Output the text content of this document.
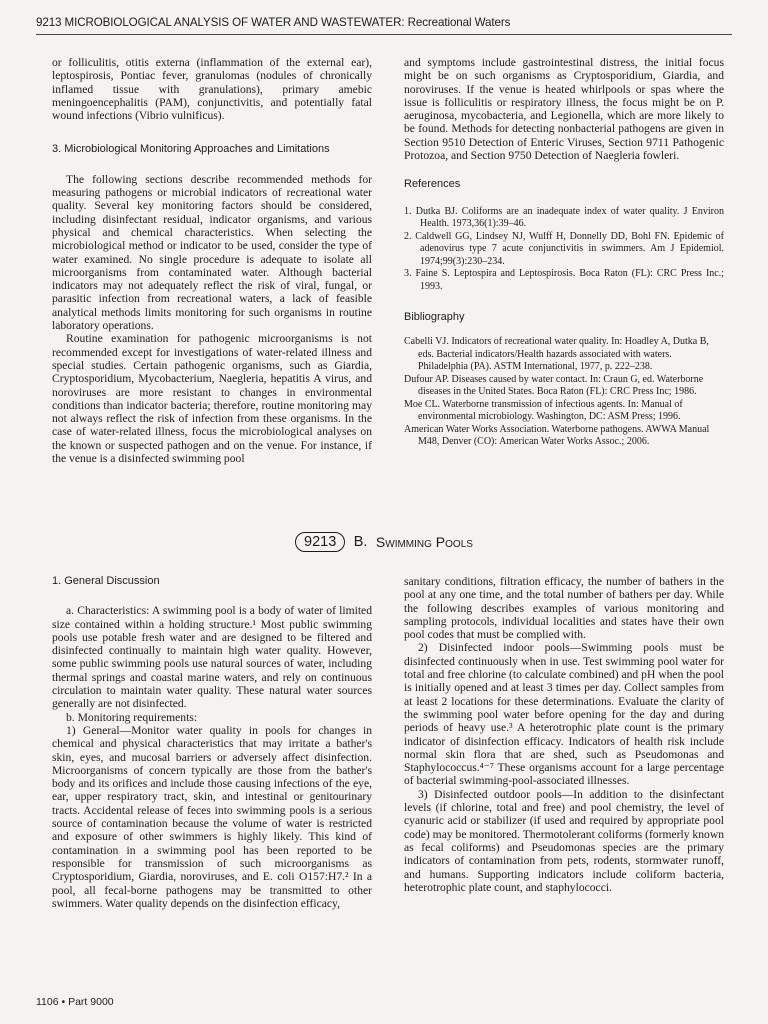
9213 MICROBIOLOGICAL ANALYSIS OF WATER AND WASTEWATER: Recreational Waters

or folliculitis, otitis externa (inflammation of the external ear), leptospirosis, Pontiac fever, granulomas (nodules of chronically inflamed tissue with granulations), primary amebic meningoencephalitis (PAM), conjunctivitis, and potentially fatal wound infections (Vibrio vulnificus).

3. Microbiological Monitoring Approaches and Limitations

The following sections describe recommended methods for measuring pathogens or microbial indicators of recreational water quality. Several key monitoring factors should be considered, including disinfectant residual, indicator organisms, and various physical and chemical characteristics. When selecting the microbiological method or indicator to be used, consider the type of water examined. No single procedure is adequate to isolate all microorganisms from contaminated water. Although bacterial indicators may not adequately reflect the risk of viral, fungal, or parasitic infection from recreational waters, a lack of feasible analytical methods limits monitoring for such organisms in routine laboratory operations.

Routine examination for pathogenic microorganisms is not recommended except for investigations of water-related illness and special studies. Certain pathogenic organisms, such as Giardia, Cryptosporidium, Mycobacterium, Naegleria, hepatitis A virus, and noroviruses are more resistant to changes in environmental conditions than indicator bacteria; therefore, routine monitoring may not always reflect the risk of infection from these organisms. In the case of water-related illness, focus the microbiological analyses on the known or suspected pathogen and on the venue. For instance, if the venue is a disinfected swimming pool

and symptoms include gastrointestinal distress, the initial focus might be on such organisms as Cryptosporidium, Giardia, and noroviruses. If the venue is heated whirlpools or spas where the issue is folliculitis or respiratory illness, the focus might be on P. aeruginosa, mycobacteria, and Legionella, which are more likely to be found. Methods for detecting nonbacterial pathogens are given in Section 9510 Detection of Enteric Viruses, Section 9711 Pathogenic Protozoa, and Section 9750 Detection of Naegleria fowleri.

References

1. Dutka BJ. Coliforms are an inadequate index of water quality. J Environ Health. 1973,36(1):39–46.
2. Caldwell GG, Lindsey NJ, Wulff H, Donnelly DD, Bohl FN. Epidemic of adenovirus type 7 acute conjunctivitis in swimmers. Am J Epidemiol. 1974;99(3):230–234.
3. Faine S. Leptospira and Leptospirosis. Boca Raton (FL): CRC Press Inc.; 1993.

Bibliography

Cabelli VJ. Indicators of recreational water quality. In: Hoadley A, Dutka B, eds. Bacterial indicators/Health hazards associated with waters. Philadelphia (PA). ASTM International, 1977, p. 222–238.

Dufour AP. Diseases caused by water contact. In: Craun G, ed. Waterborne diseases in the United States. Boca Raton (FL): CRC Press Inc; 1986.

Moe CL. Waterborne transmission of infectious agents. In: Manual of environmental microbiology. Washington, DC: ASM Press; 1996.

American Water Works Association. Waterborne pathogens. AWWA Manual M48, Denver (CO): American Water Works Assoc.; 2006.

9213 B. Swimming Pools

1. General Discussion

a. Characteristics: A swimming pool is a body of water of limited size contained within a holding structure.¹ Most public swimming pools use potable fresh water and are designed to be filtered and disinfected continually to maintain high water quality. However, some public swimming pools use natural sources of water, including thermal springs and coastal marine waters, and rely on continuous circulation to maintain water quality. These natural water sources generally are not disinfected.

b. Monitoring requirements:

1) General—Monitor water quality in pools for changes in chemical and physical characteristics that may irritate a bather's skin, eyes, and mucosal barriers or adversely affect disinfection. Microorganisms of concern typically are those from the bather's body and its orifices and include those causing infections of the eye, ear, upper respiratory tract, skin, and intestinal or genitourinary tracts. Accidental release of feces into swimming pools is a serious source of contamination because the volume of water is restricted and exposure of other swimmers is highly likely. This kind of contamination in a swimming pool has been reported to be responsible for transmission of such microorganisms as Cryptosporidium, Giardia, noroviruses, and E. coli O157:H7.² In a pool, all fecal-borne pathogens may be transmitted to other swimmers. Water quality depends on the disinfection efficacy,

sanitary conditions, filtration efficacy, the number of bathers in the pool at any one time, and the total number of bathers per day. While the following describes examples of various monitoring and sampling protocols, individual localities and states have their own pool codes that must be complied with.

2) Disinfected indoor pools—Swimming pools must be disinfected continuously when in use. Test swimming pool water for total and free chlorine (to calculate combined) and pH when the pool is initially opened and at least 3 times per day. Collect samples from at least 2 locations for these determinations. Evaluate the clarity of the swimming pool water before opening for the day and during periods of heavy use.³ A heterotrophic plate count is the primary indicator of disinfection efficacy. Indicators of health risk include normal skin flora that are shed, such as Pseudomonas and Staphylococcus.⁴⁻⁷ These organisms account for a large percentage of bacterial swimming-pool-associated illnesses.

3) Disinfected outdoor pools—In addition to the disinfectant levels (if chlorine, total and free) and pool chemistry, the level of cyanuric acid or stabilizer (if used and required by appropriate pool code) may be monitored. Thermotolerant coliforms (formerly known as fecal coliforms) and Pseudomonas species are the primary indicators of contamination from pets, rodents, stormwater runoff, and humans. Supporting indicators include coliform bacteria, heterotrophic plate count, and staphylococci.

1106 • Part 9000
